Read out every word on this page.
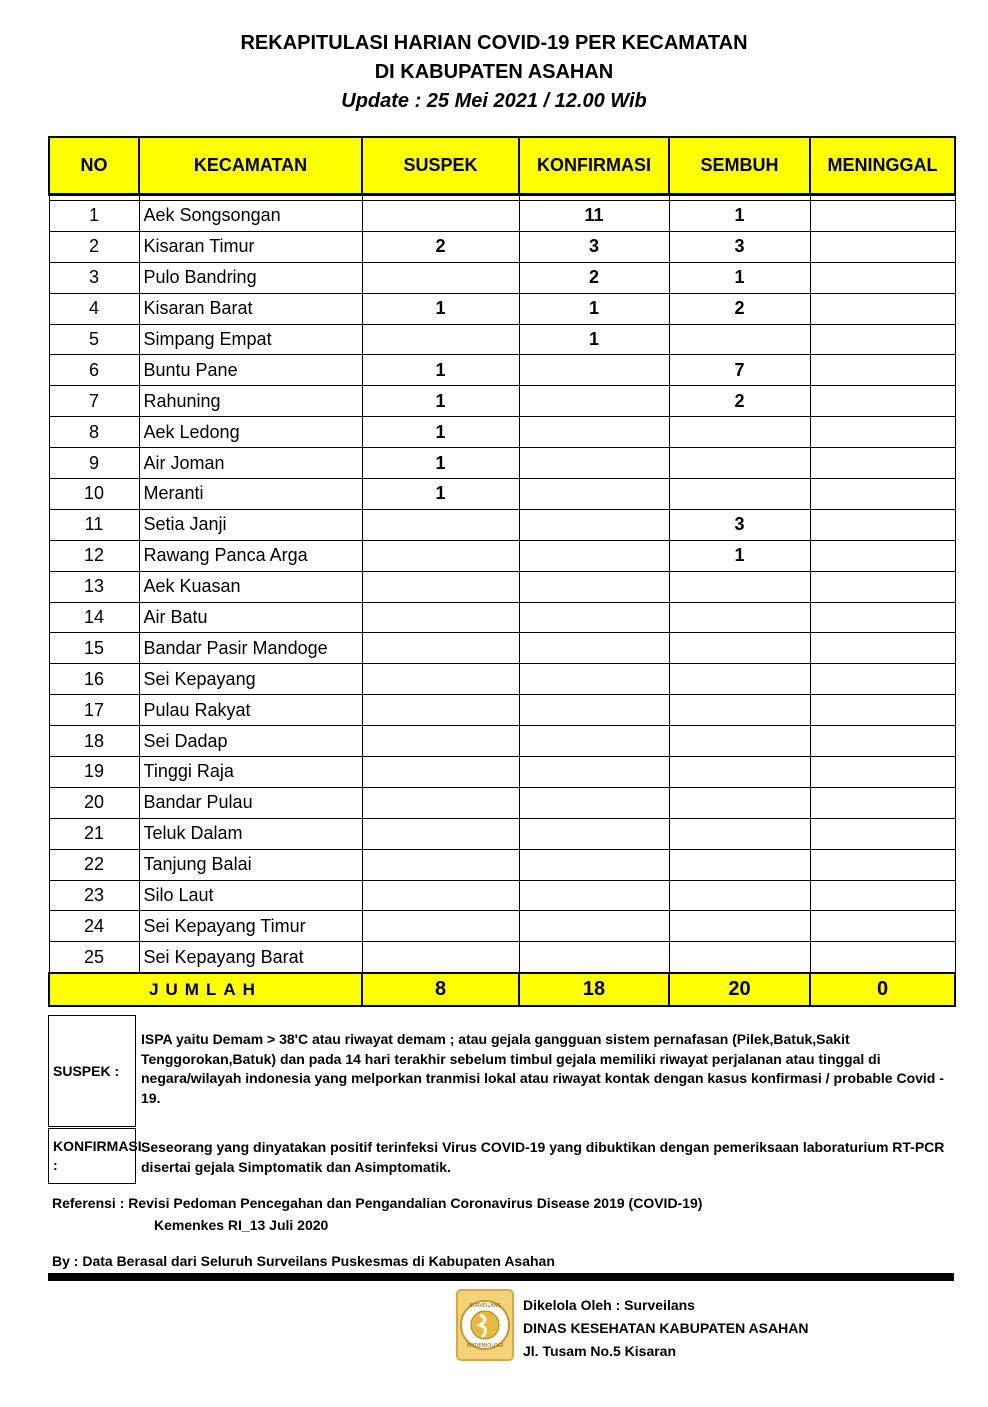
REKAPITULASI HARIAN COVID-19 PER KECAMATAN
DI KABUPATEN ASAHAN
Update : 25 Mei 2021 / 12.00 Wib
NO	KECAMATAN	SUSPEK	KONFIRMASI	SEMBUH	MENINGGAL

1	Aek Songsongan		11	1	
2	Kisaran Timur	2	3	3	
3	Pulo Bandring		2	1	
4	Kisaran Barat	1	1	2	
5	Simpang Empat		1		
6	Buntu Pane	1		7	
7	Rahuning	1		2	
8	Aek Ledong	1			
9	Air Joman	1			
10	Meranti	1			
11	Setia Janji			3	
12	Rawang Panca Arga			1	
13	Aek Kuasan				
14	Air Batu				
15	Bandar Pasir Mandoge				
16	Sei Kepayang				
17	Pulau Rakyat				
18	Sei Dadap				
19	Tinggi Raja				
20	Bandar Pulau				
21	Teluk Dalam				
22	Tanjung Balai				
23	Silo Laut				
24	Sei Kepayang Timur				
25	Sei Kepayang Barat				
JUMLAH		8	18	20	0
SUSPEK :
ISPA yaitu Demam > 38'C atau riwayat demam ; atau gejala gangguan sistem pernafasan (Pilek,Batuk,Sakit Tenggorokan,Batuk) dan pada 14 hari terakhir sebelum timbul gejala memiliki riwayat perjalanan atau tinggal di negara/wilayah indonesia yang melporkan tranmisi lokal atau riwayat kontak dengan kasus konfirmasi / probable Covid - 19.
KONFIRMASI :
Seseorang yang dinyatakan positif terinfeksi Virus COVID-19 yang dibuktikan dengan pemeriksaan laboraturium RT-PCR disertai gejala Simptomatik dan Asimptomatik.
Referensi : Revisi Pedoman Pencegahan dan Pengandalian Coronavirus Disease 2019 (COVID-19)
Kemenkes RI_13 Juli 2020
By : Data Berasal dari Seluruh Surveilans Puskesmas di Kabupaten Asahan
SURVEILANS
EPIDEMIOLOGI
Dikelola Oleh : Surveilans
DINAS KESEHATAN KABUPATEN ASAHAN
Jl. Tusam No.5 Kisaran
